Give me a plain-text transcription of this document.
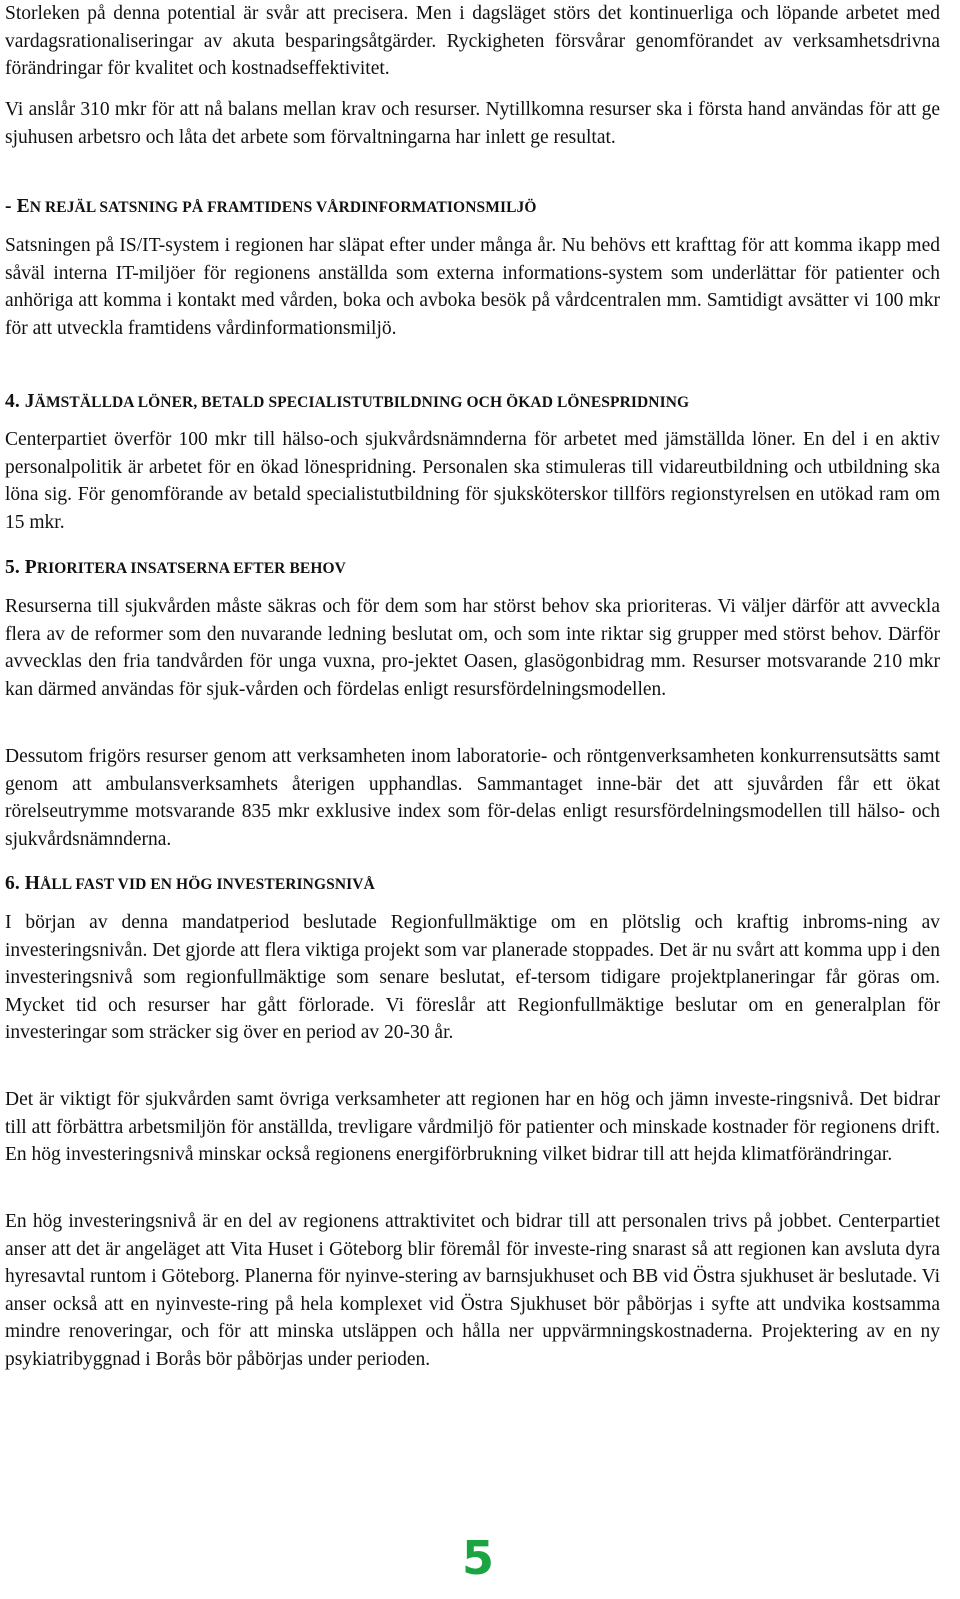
Storleken på denna potential är svår att precisera. Men i dagsläget störs det kontinuerliga och löpande arbetet med vardagsrationaliseringar av akuta besparingsåtgärder. Ryckigheten försvårar genomförandet av verksamhetsdrivna förändringar för kvalitet och kostnadseffektivitet.

Vi anslår 310 mkr för att nå balans mellan krav och resurser. Nytillkomna resurser ska i första hand användas för att ge sjuhusen arbetsro och låta det arbete som förvaltningarna har inlett ge resultat.

- EN REJÄL SATSNING PÅ FRAMTIDENS VÅRDINFORMATIONSMILJÖ

Satsningen på IS/IT-system i regionen har släpat efter under många år. Nu behövs ett krafttag för att komma ikapp med såväl interna IT-miljöer för regionens anställda som externa informations-system som underlättar för patienter och anhöriga att komma i kontakt med vården, boka och avboka besök på vårdcentralen mm. Samtidigt avsätter vi 100 mkr för att utveckla framtidens vårdinformationsmiljö.

4. JÄMSTÄLLDA LÖNER, BETALD SPECIALISTUTBILDNING OCH ÖKAD LÖNESPRIDNING

Centerpartiet överför 100 mkr till hälso-och sjukvårdsnämnderna för arbetet med jämställda löner. En del i en aktiv personalpolitik är arbetet för en ökad lönespridning. Personalen ska stimuleras till vidareutbildning och utbildning ska löna sig. För genomförande av betald specialistutbildning för sjuksköterskor tillförs regionstyrelsen en utökad ram om 15 mkr.

5. PRIORITERA INSATSERNA EFTER BEHOV

Resurserna till sjukvården måste säkras och för dem som har störst behov ska prioriteras. Vi väljer därför att avveckla flera av de reformer som den nuvarande ledning beslutat om, och som inte riktar sig grupper med störst behov. Därför avvecklas den fria tandvården för unga vuxna, pro-jektet Oasen, glasögonbidrag mm. Resurser motsvarande 210 mkr kan därmed användas för sjuk-vården och fördelas enligt resursfördelningsmodellen.

Dessutom frigörs resurser genom att verksamheten inom laboratorie- och röntgenverksamheten konkurrensutsätts samt genom att ambulansverksamhets återigen upphandlas. Sammantaget inne-bär det att sjuvården får ett ökat rörelseutrymme motsvarande 835 mkr exklusive index som för-delas enligt resursfördelningsmodellen till hälso- och sjukvårdsnämnderna.

6. HÅLL FAST VID EN HÖG INVESTERINGSNIVÅ

I början av denna mandatperiod beslutade Regionfullmäktige om en plötslig och kraftig inbroms-ning av investeringsnivån. Det gjorde att flera viktiga projekt som var planerade stoppades. Det är nu svårt att komma upp i den investeringsnivå som regionfullmäktige som senare beslutat, ef-tersom tidigare projektplaneringar får göras om. Mycket tid och resurser har gått förlorade. Vi föreslår att Regionfullmäktige beslutar om en generalplan för investeringar som sträcker sig över en period av 20-30 år.

Det är viktigt för sjukvården samt övriga verksamheter att regionen har en hög och jämn investe-ringsnivå. Det bidrar till att förbättra arbetsmiljön för anställda, trevligare vårdmiljö för patienter och minskade kostnader för regionens drift. En hög investeringsnivå minskar också regionens energiförbrukning vilket bidrar till att hejda klimatförändringar.

En hög investeringsnivå är en del av regionens attraktivitet och bidrar till att personalen trivs på jobbet. Centerpartiet anser att det är angeläget att Vita Huset i Göteborg blir föremål för investe-ring snarast så att regionen kan avsluta dyra hyresavtal runtom i Göteborg. Planerna för nyinve-stering av barnsjukhuset och BB vid Östra sjukhuset är beslutade. Vi anser också att en nyinveste-ring på hela komplexet vid Östra Sjukhuset bör påbörjas i syfte att undvika kostsamma mindre renoveringar, och för att minska utsläppen och hålla ner uppvärmningskostnaderna. Projektering av en ny psykiatribyggnad i Borås bör påbörjas under perioden.

5
